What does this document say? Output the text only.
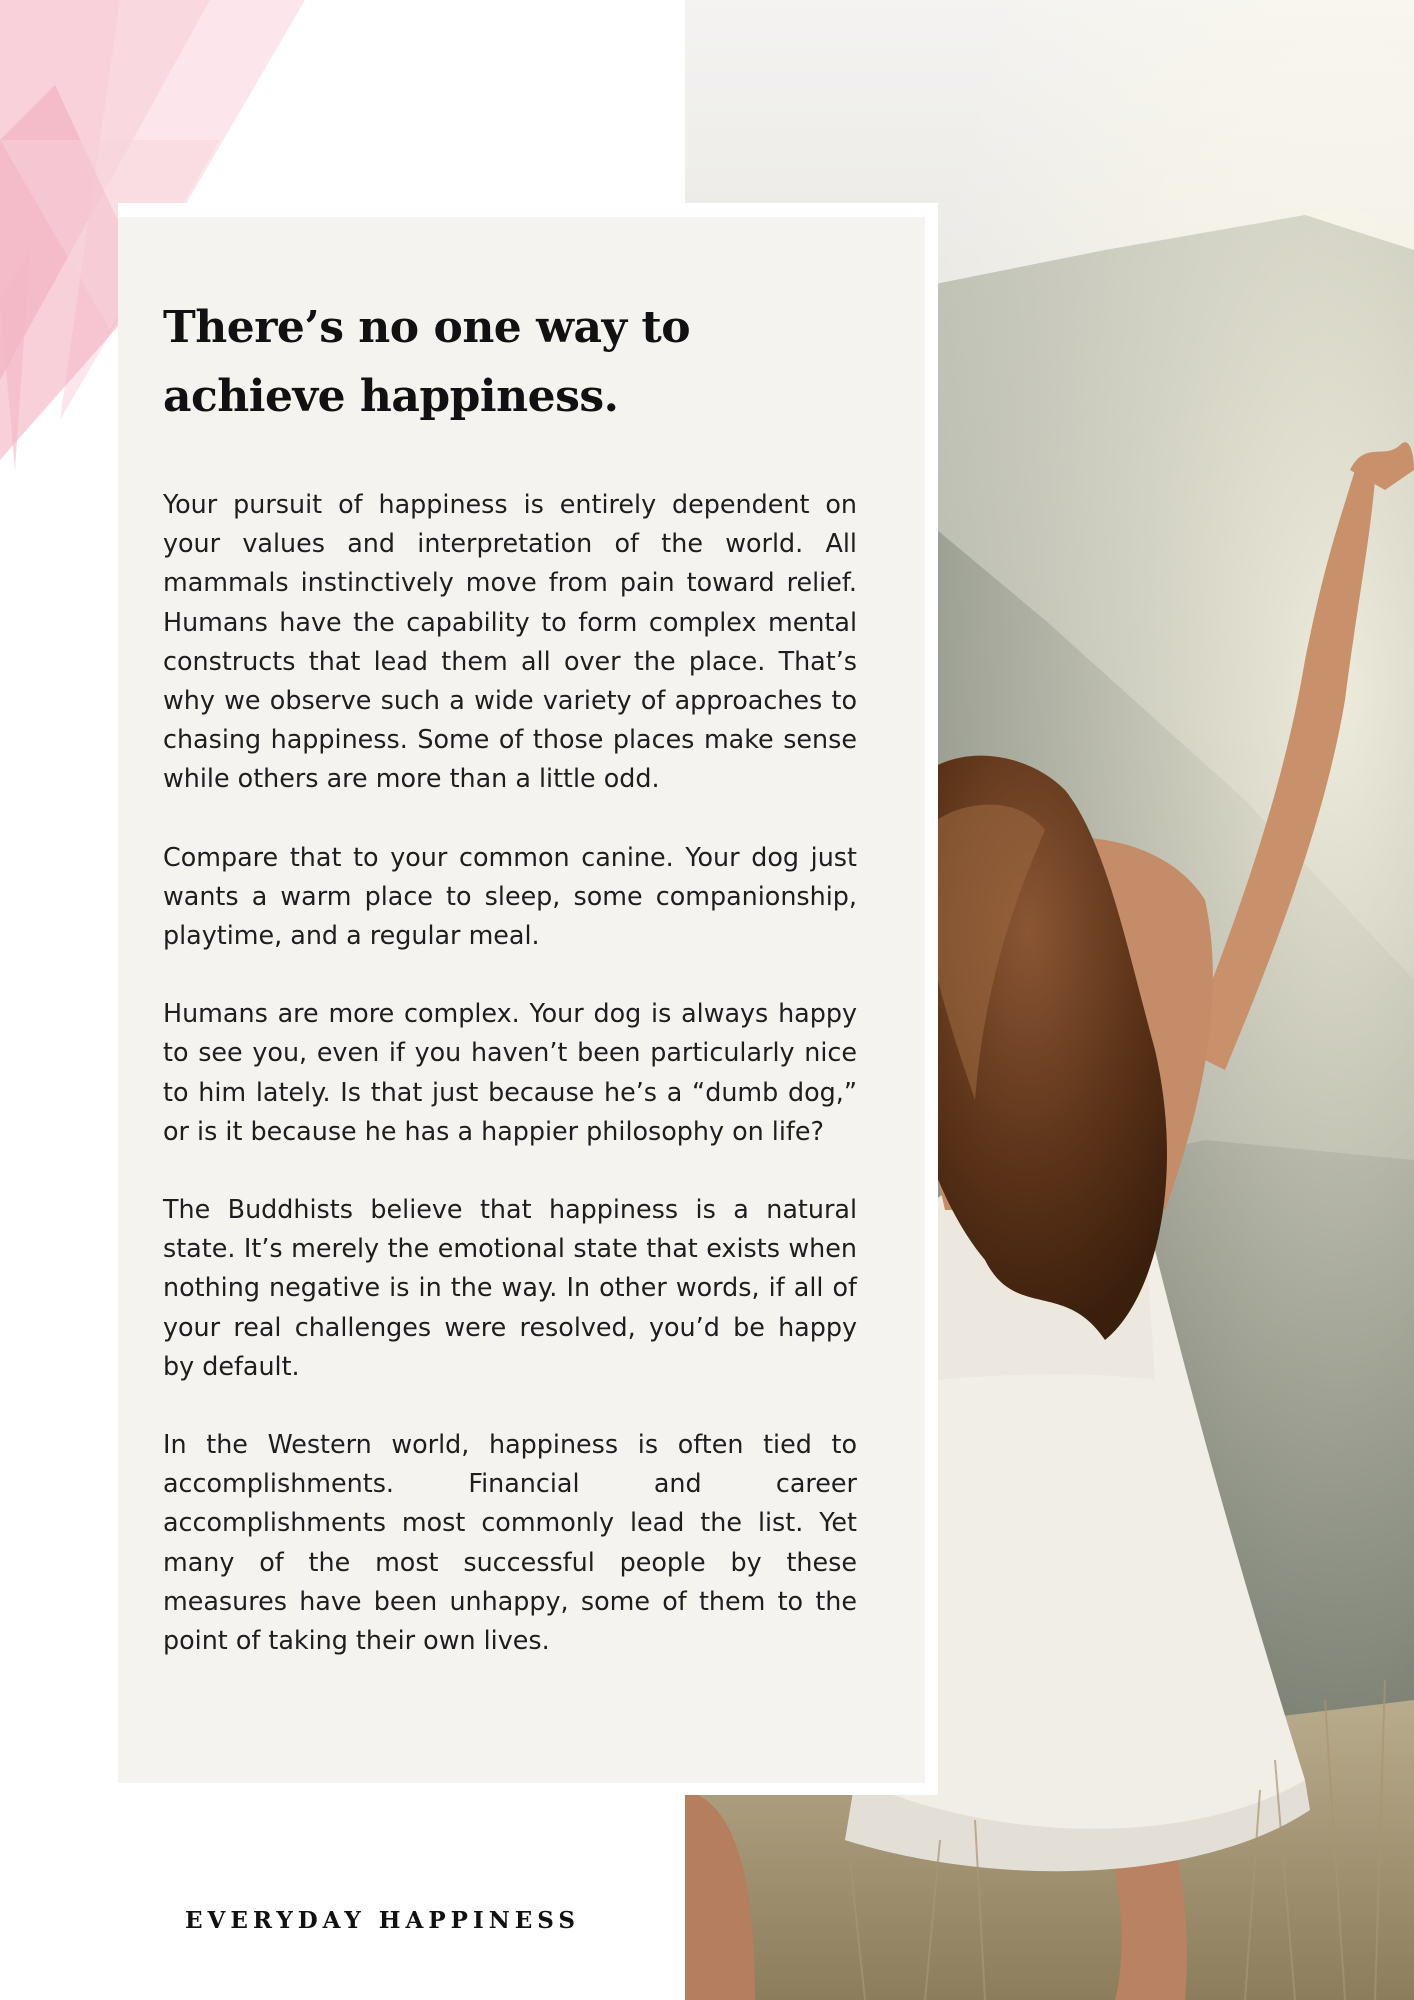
There’s no one way to achieve happiness.

Your pursuit of happiness is entirely dependent on your values and interpretation of the world. All mammals instinctively move from pain toward relief. Humans have the capability to form complex mental constructs that lead them all over the place. That’s why we observe such a wide variety of approaches to chasing happiness. Some of those places make sense while others are more than a little odd.

Compare that to your common canine. Your dog just wants a warm place to sleep, some companionship, playtime, and a regular meal.

Humans are more complex. Your dog is always happy to see you, even if you haven’t been particularly nice to him lately. Is that just because he’s a “dumb dog,” or is it because he has a happier philosophy on life?

The Buddhists believe that happiness is a natural state. It’s merely the emotional state that exists when nothing negative is in the way. In other words, if all of your real challenges were resolved, you’d be happy by default.

In the Western world, happiness is often tied to accomplishments. Financial and career accomplishments most commonly lead the list. Yet many of the most successful people by these measures have been unhappy, some of them to the point of taking their own lives.

EVERYDAY HAPPINESS
